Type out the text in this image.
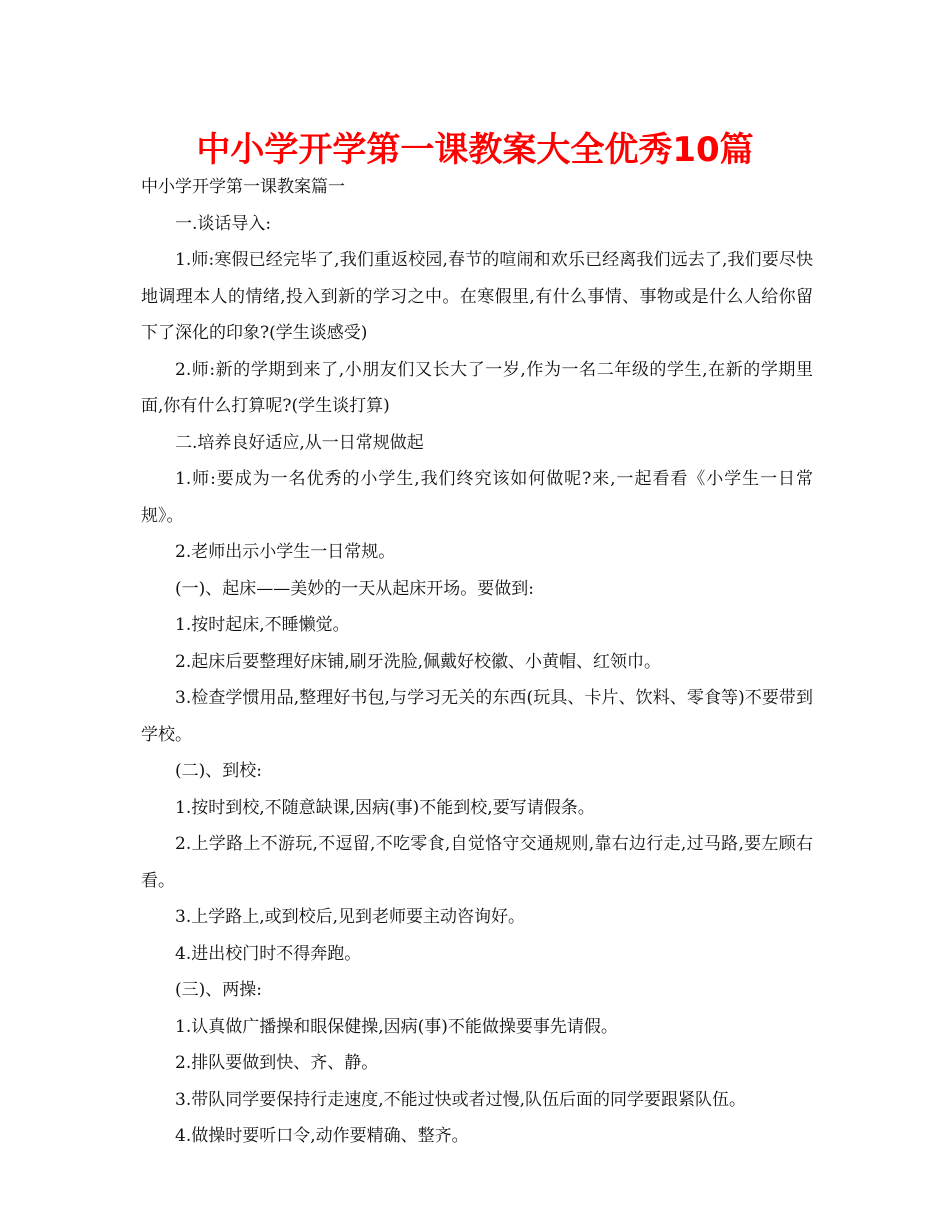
中小学开学第一课教案大全优秀10篇

中小学开学第一课教案篇一

一.谈话导入:

1.师:寒假已经完毕了,我们重返校园,春节的喧闹和欢乐已经离我们远去了,我们要尽快地调理本人的情绪,投入到新的学习之中。在寒假里,有什么事情、事物或是什么人给你留下了深化的印象?(学生谈感受)

2.师:新的学期到来了,小朋友们又长大了一岁,作为一名二年级的学生,在新的学期里面,你有什么打算呢?(学生谈打算)

二.培养良好适应,从一日常规做起

1.师:要成为一名优秀的小学生,我们终究该如何做呢?来,一起看看《小学生一日常规》。

2.老师出示小学生一日常规。

(一)、起床——美妙的一天从起床开场。要做到:

1.按时起床,不睡懒觉。

2.起床后要整理好床铺,刷牙洗脸,佩戴好校徽、小黄帽、红领巾。

3.检查学惯用品,整理好书包,与学习无关的东西(玩具、卡片、饮料、零食等)不要带到学校。

(二)、到校:

1.按时到校,不随意缺课,因病(事)不能到校,要写请假条。

2.上学路上不游玩,不逗留,不吃零食,自觉恪守交通规则,靠右边行走,过马路,要左顾右看。

3.上学路上,或到校后,见到老师要主动咨询好。

4.进出校门时不得奔跑。

(三)、两操:

1.认真做广播操和眼保健操,因病(事)不能做操要事先请假。

2.排队要做到快、齐、静。

3.带队同学要保持行走速度,不能过快或者过慢,队伍后面的同学要跟紧队伍。

4.做操时要听口令,动作要精确、整齐。
